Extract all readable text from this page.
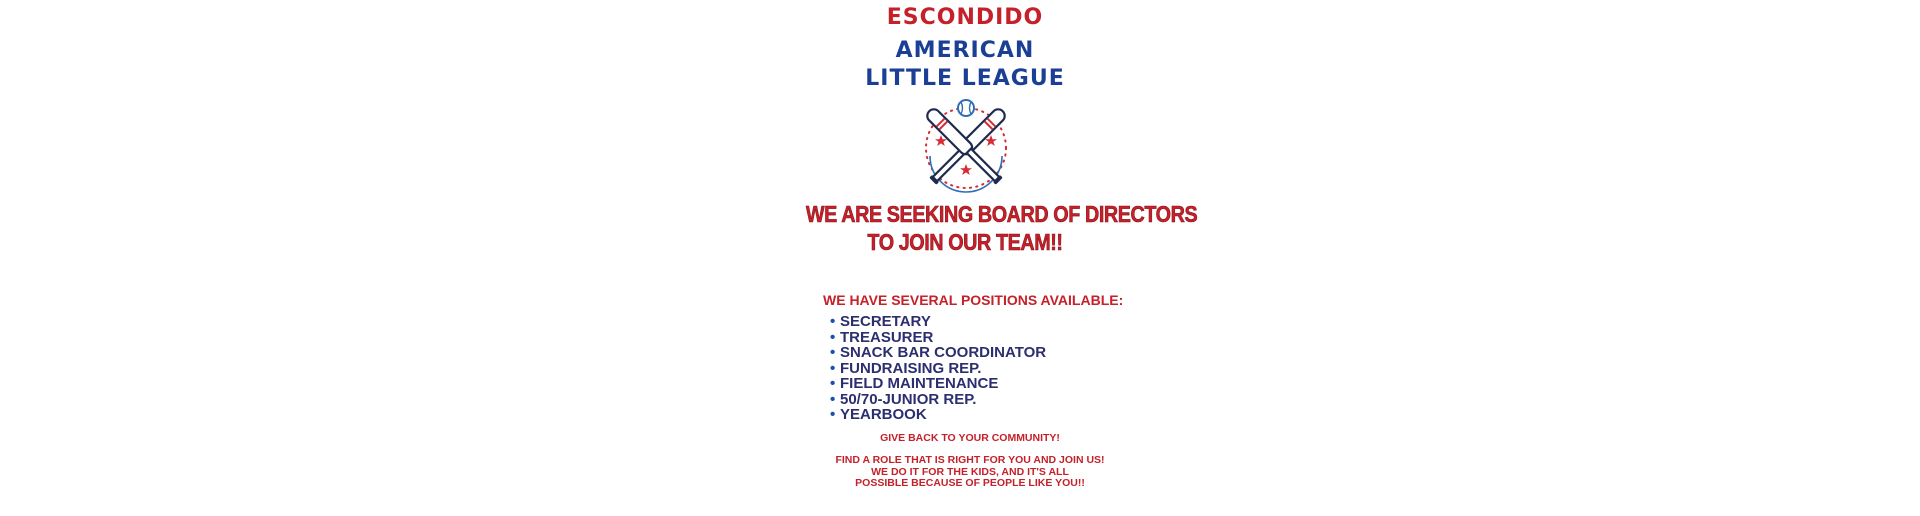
ESCONDIDO
AMERICAN
LITTLE LEAGUE
WE ARE SEEKING BOARD OF DIRECTORS
TO JOIN OUR TEAM!!
WE HAVE SEVERAL POSITIONS AVAILABLE:
• SECRETARY
• TREASURER
• SNACK BAR COORDINATOR
• FUNDRAISING REP.
• FIELD MAINTENANCE
• 50/70-JUNIOR REP.
• YEARBOOK
GIVE BACK TO YOUR COMMUNITY!
FIND A ROLE THAT IS RIGHT FOR YOU AND JOIN US!
WE DO IT FOR THE KIDS, AND IT'S ALL
POSSIBLE BECAUSE OF PEOPLE LIKE YOU!!
